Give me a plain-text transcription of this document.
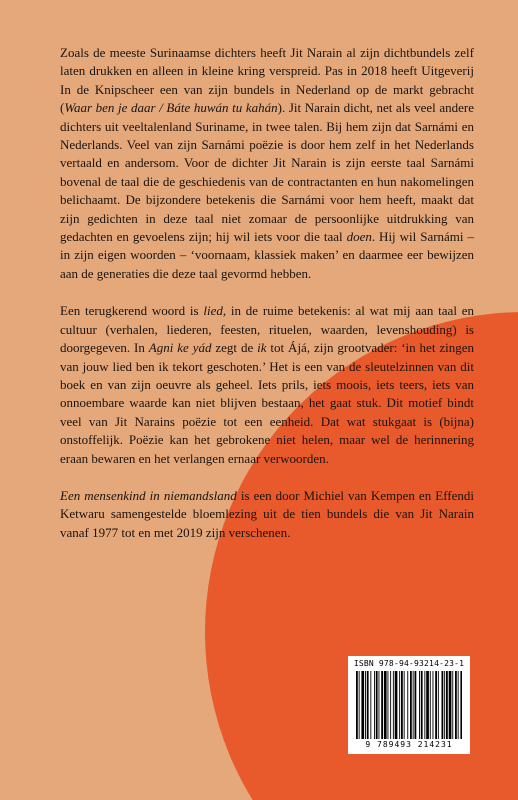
Zoals de meeste Surinaamse dichters heeft Jit Narain al zijn dichtbundels zelf laten drukken en alleen in kleine kring verspreid. Pas in 2018 heeft Uitgeverij In de Knipscheer een van zijn bundels in Nederland op de markt gebracht (Waar ben je daar / Báte huwán tu kahán). Jit Narain dicht, net als veel andere dichters uit veeltalenland Suriname, in twee talen. Bij hem zijn dat Sarnámi en Nederlands. Veel van zijn Sarnámi poëzie is door hem zelf in het Nederlands vertaald en andersom. Voor de dichter Jit Narain is zijn eerste taal Sarnámi bovenal de taal die de geschiedenis van de contractanten en hun nakomelingen belichaamt. De bijzondere betekenis die Sarnámi voor hem heeft, maakt dat zijn gedichten in deze taal niet zomaar de persoonlijke uitdrukking van gedachten en gevoelens zijn; hij wil iets voor die taal doen. Hij wil Sarnámi – in zijn eigen woorden – ‘voornaam, klassiek maken’ en daarmee eer bewijzen aan de generaties die deze taal gevormd hebben.

Een terugkerend woord is lied, in de ruime betekenis: al wat mij aan taal en cultuur (verhalen, liederen, feesten, rituelen, waarden, levenshouding) is doorgegeven. In Agni ke yád zegt de ik tot Ájá, zijn grootvader: ‘in het zingen van jouw lied ben ik tekort geschoten.’ Het is een van de sleutelzinnen van dit boek en van zijn oeuvre als geheel. Iets prils, iets moois, iets teers, iets van onnoembare waarde kan niet blijven bestaan, het gaat stuk. Dit motief bindt veel van Jit Narains poëzie tot een eenheid. Dat wat stukgaat is (bijna) onstoffelijk. Poëzie kan het gebrokene niet helen, maar wel de herinnering eraan bewaren en het verlangen ernaar verwoorden.

Een mensenkind in niemandsland is een door Michiel van Kempen en Effendi Ketwaru samengestelde bloemlezing uit de tien bundels die van Jit Narain vanaf 1977 tot en met 2019 zijn verschenen.

ISBN 978-94-93214-23-1
9 789493 214231
